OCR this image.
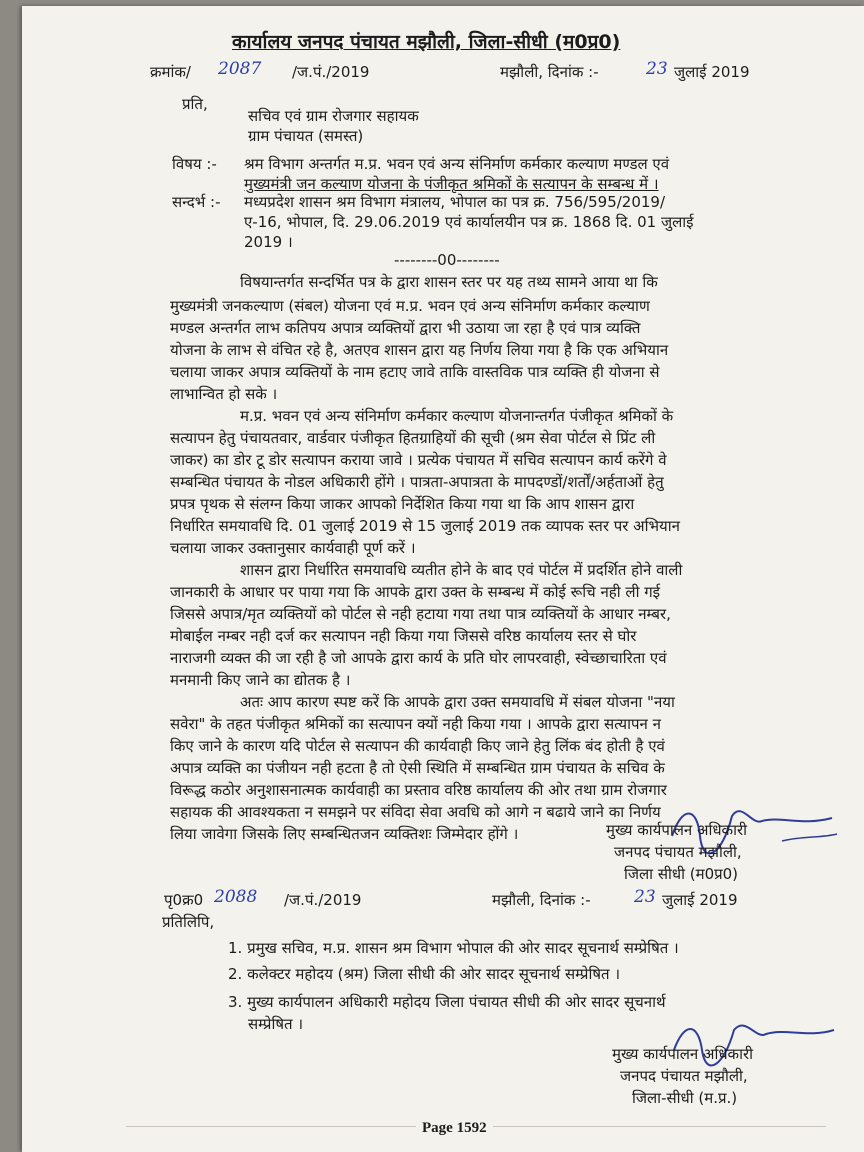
कार्यालय जनपद पंचायत मझौली, जिला-सीधी (म0प्र0)
क्रमांक/ 2087 /ज.पं./2019	मझौली, दिनांक :-	23 जुलाई 2019
प्रति,
सचिव एवं ग्राम रोजगार सहायक
ग्राम पंचायत (समस्त)
विषय :- श्रम विभाग अन्तर्गत म.प्र. भवन एवं अन्य संनिर्माण कर्मकार कल्याण मण्डल एवं
मुख्यमंत्री जन कल्याण योजना के पंजीकृत श्रमिकों के सत्यापन के सम्बन्ध में ।
सन्दर्भ :- मध्यप्रदेश शासन श्रम विभाग मंत्रालय, भोपाल का पत्र क्र. 756/595/2019/
ए-16, भोपाल, दि. 29.06.2019 एवं कार्यालयीन पत्र क्र. 1868 दि. 01 जुलाई
2019 ।
--------00--------
विषयान्तर्गत सन्दर्भित पत्र के द्वारा शासन स्तर पर यह तथ्य सामने आया था कि
मुख्यमंत्री जनकल्याण (संबल) योजना एवं म.प्र. भवन एवं अन्य संनिर्माण कर्मकार कल्याण
मण्डल अन्तर्गत लाभ कतिपय अपात्र व्यक्तियों द्वारा भी उठाया जा रहा है एवं पात्र व्यक्ति
योजना के लाभ से वंचित रहे है, अतएव शासन द्वारा यह निर्णय लिया गया है कि एक अभियान
चलाया जाकर अपात्र व्यक्तियों के नाम हटाए जावे ताकि वास्तविक पात्र व्यक्ति ही योजना से
लाभान्वित हो सके ।
म.प्र. भवन एवं अन्य संनिर्माण कर्मकार कल्याण योजनान्तर्गत पंजीकृत श्रमिकों के
सत्यापन हेतु पंचायतवार, वार्डवार पंजीकृत हितग्राहियों की सूची (श्रम सेवा पोर्टल से प्रिंट ली
जाकर) का डोर टू डोर सत्यापन कराया जावे । प्रत्येक पंचायत में सचिव सत्यापन कार्य करेंगे वे
सम्बन्धित पंचायत के नोडल अधिकारी होंगे । पात्रता-अपात्रता के मापदण्डों/शर्तों/अर्हताओं हेतु
प्रपत्र पृथक से संलग्न किया जाकर आपको निर्देशित किया गया था कि आप शासन द्वारा
निर्धारित समयावधि दि. 01 जुलाई 2019 से 15 जुलाई 2019 तक व्यापक स्तर पर अभियान
चलाया जाकर उक्तानुसार कार्यवाही पूर्ण करें ।
शासन द्वारा निर्धारित समयावधि व्यतीत होने के बाद एवं पोर्टल में प्रदर्शित होने वाली
जानकारी के आधार पर पाया गया कि आपके द्वारा उक्त के सम्बन्ध में कोई रूचि नही ली गई
जिससे अपात्र/मृत व्यक्तियों को पोर्टल से नही हटाया गया तथा पात्र व्यक्तियों के आधार नम्बर,
मोबाईल नम्बर नही दर्ज कर सत्यापन नही किया गया जिससे वरिष्ठ कार्यालय स्तर से घोर
नाराजगी व्यक्त की जा रही है जो आपके द्वारा कार्य के प्रति घोर लापरवाही, स्वेच्छाचारिता एवं
मनमानी किए जाने का द्योतक है ।
अतः आप कारण स्पष्ट करें कि आपके द्वारा उक्त समयावधि में संबल योजना "नया
सवेरा" के तहत पंजीकृत श्रमिकों का सत्यापन क्यों नही किया गया । आपके द्वारा सत्यापन न
किए जाने के कारण यदि पोर्टल से सत्यापन की कार्यवाही किए जाने हेतु लिंक बंद होती है एवं
अपात्र व्यक्ति का पंजीयन नही हटता है तो ऐसी स्थिति में सम्बन्धित ग्राम पंचायत के सचिव के
विरूद्ध कठोर अनुशासनात्मक कार्यवाही का प्रस्ताव वरिष्ठ कार्यालय की ओर तथा ग्राम रोजगार
सहायक की आवश्यकता न समझने पर संविदा सेवा अवधि को आगे न बढाये जाने का निर्णय
लिया जावेगा जिसके लिए सम्बन्धितजन व्यक्तिशः जिम्मेदार होंगे ।	मुख्य कार्यपालन अधिकारी
जनपद पंचायत मझौली,
जिला सीधी (म0प्र0)
पृ0क्र0 2088 /ज.पं./2019	मझौली, दिनांक :-	23 जुलाई 2019
प्रतिलिपि,
1. प्रमुख सचिव, म.प्र. शासन श्रम विभाग भोपाल की ओर सादर सूचनार्थ सम्प्रेषित ।
2. कलेक्टर महोदय (श्रम) जिला सीधी की ओर सादर सूचनार्थ सम्प्रेषित ।
3. मुख्य कार्यपालन अधिकारी महोदय जिला पंचायत सीधी की ओर सादर सूचनार्थ
सम्प्रेषित ।
मुख्य कार्यपालन अधिकारी
जनपद पंचायत मझौली,
जिला-सीधी (म.प्र.)
Page 1592
